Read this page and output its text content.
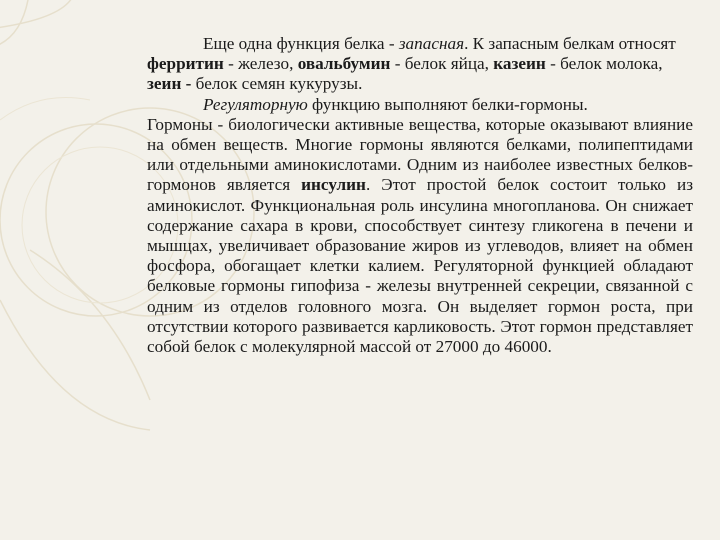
Еще одна функция белка - запасная. К запасным белкам относят ферритин - железо, овальбумин - белок яйца, казеин - белок молока, зеин - белок семян кукурузы.

Регуляторную функцию выполняют белки-гормоны.

Гормоны - биологически активные вещества, которые оказывают влияние на обмен веществ. Многие гормоны являются белками, полипептидами или отдельными аминокислотами. Одним из наиболее известных белков-гормонов является инсулин. Этот простой белок состоит только из аминокислот. Функциональная роль инсулина многопланова. Он снижает содержание сахара в крови, способствует синтезу гликогена в печени и мышцах, увеличивает образование жиров из углеводов, влияет на обмен фосфора, обогащает клетки калием. Регуляторной функцией обладают белковые гормоны гипофиза - железы внутренней секреции, связанной с одним из отделов головного мозга. Он выделяет гормон роста, при отсутствии которого развивается карликовость. Этот гормон представляет собой белок с молекулярной массой от 27000 до 46000.
